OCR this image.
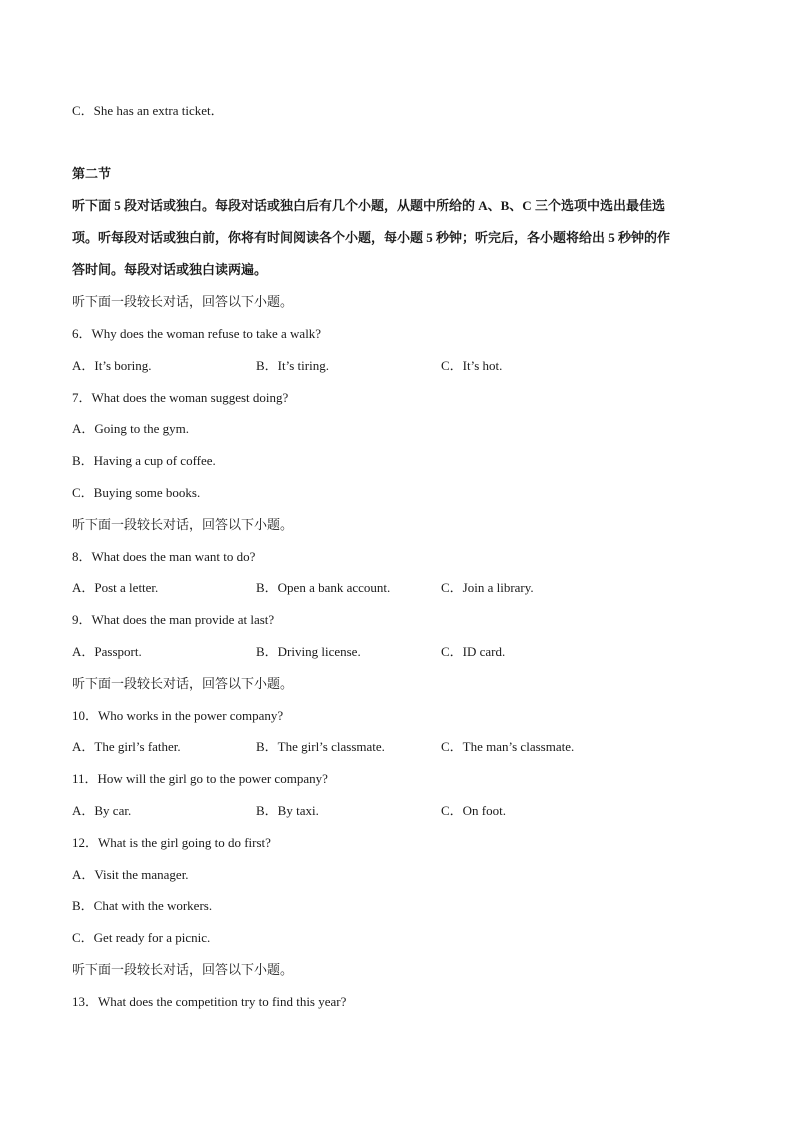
C．She has an extra ticket．
第二节
听下面 5 段对话或独白。每段对话或独白后有几个小题，从题中所给的 A、B、C 三个选项中选出最佳选
项。听每段对话或独白前，你将有时间阅读各个小题，每小题 5 秒钟；听完后，各小题将给出 5 秒钟的作
答时间。每段对话或独白读两遍。
听下面一段较长对话，回答以下小题。
6．Why does the woman refuse to take a walk?
A．It’s boring.	B．It’s tiring.	C．It’s hot.
7．What does the woman suggest doing?
A．Going to the gym.
B．Having a cup of coffee.
C．Buying some books.
听下面一段较长对话，回答以下小题。
8．What does the man want to do?
A．Post a letter.	B．Open a bank account.	C．Join a library.
9．What does the man provide at last?
A．Passport.	B．Driving license.	C．ID card.
听下面一段较长对话，回答以下小题。
10．Who works in the power company?
A．The girl’s father.	B．The girl’s classmate.	C．The man’s classmate.
11．How will the girl go to the power company?
A．By car.	B．By taxi.	C．On foot.
12．What is the girl going to do first?
A．Visit the manager.
B．Chat with the workers.
C．Get ready for a picnic.
听下面一段较长对话，回答以下小题。
13．What does the competition try to find this year?
